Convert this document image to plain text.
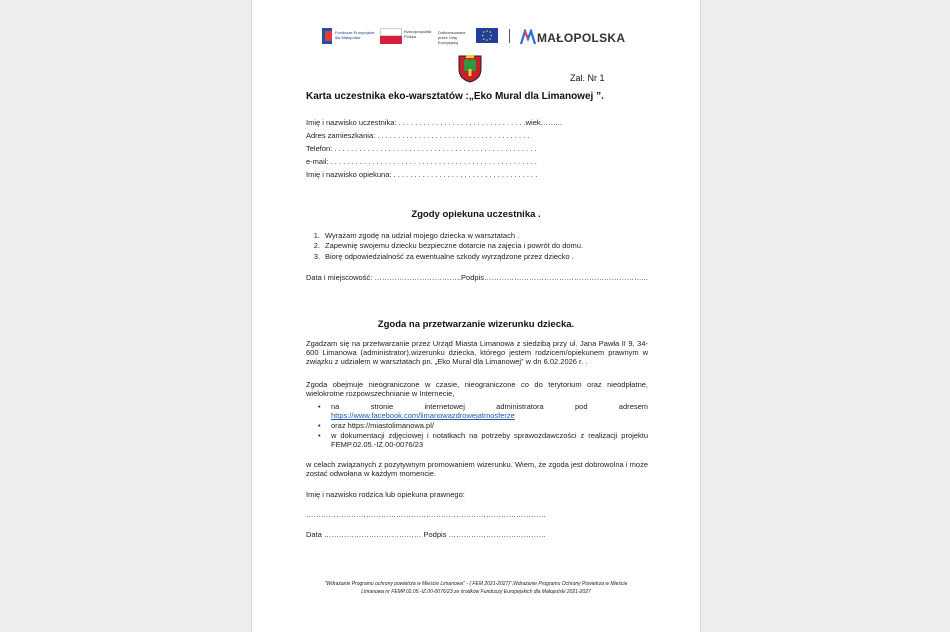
Fundusze Europejskie dla Małopolski
Rzeczpospolita Polska
Dofinansowane przez Unię Europejską	MAŁOPOLSKA
Zal. Nr 1
Karta uczestnika eko-warsztatów :„Eko Mural dla Limanowej ”.
Imię i nazwisko uczestnika: . . . . . . . . . . . . . . . . . . . . . . . . . . . . . . .wiek……...
Adres zamieszkania: . . . . . . . . . . . . . . . . . . . . . . . . . . . . . . . . . . . . .
Telefon: . . . . . . . . . . . . . . . . . . . . . . . . . . . . . . . . . . . . . . . . . . . . . . . . .
e-mail: . . . . . . . . . . . . . . . . . . . . . . . . . . . . . . . . . . . . . . . . . . . . . . . . . .
Imię i nazwisko opiekuna: . . . . . . . . . . . . . . . . . . . . . . . . . . . . . . . . . . .
Zgody opiekuna uczestnika .
1. Wyrażam zgodę na udział mojego dziecka w warsztatach .
2. Zapewnię swojemu dziecku bezpieczne dotarcie na zajęcia i powrót do domu.
3. Biorę odpowiedzialność za ewentualne szkody wyrządzone przez dziecko .
Data i miejscowość: ……………………………..Podpis………………………………………………………...
Zgoda na przetwarzanie wizerunku dziecka.
Zgadzam się na przetwarzanie przez Urząd Miasta Limanowa z siedzibą przy ul. Jana Pawła II 9, 34-600 Limanowa (administrator),wizerunku dziecka, którego jestem rodzicem/opiekunem prawnym w związku z udziałem w warsztatach pn. „Eko Mural dla Limanowej” w dn 6.02.2026 r. .
Zgoda obejmuje nieograniczone w czasie, nieograniczone co do terytorium oraz nieodpłatne, wielokrotne rozpowszechnianie w Internecie,
• na stronie internetowej administratora pod adresem
https://www.facebook.com/limanowazdrowejatmosferze
• oraz https://miastolimanowa.pl/
• w dokumentacji zdjęciowej i notatkach na potrzeby sprawozdawczości z realizacji projektu FEMP.02.05.-IZ.00-0076/23
w celach związanych z pozytywnym promowaniem wizerunku. Wiem, że zgoda jest dobrowolna i może zostać odwołana w każdym momencie.
Imię i nazwisko rodzica lub opiekuna prawnego:
……………………………………………………………………………………
Data ………………………………… Podpis …………………………………
"Wdrażanie Programu ochrony powietrza w Mieście Limanowa" - ( FEM 2021-2027)",Wdrażanie Programu Ochrony Powietrza w Mieście
Limanowa nr FEMP.02.05.-IZ.00-0076/23 ze środków Funduszy Europejskich dla Małopolski 2021-2027
